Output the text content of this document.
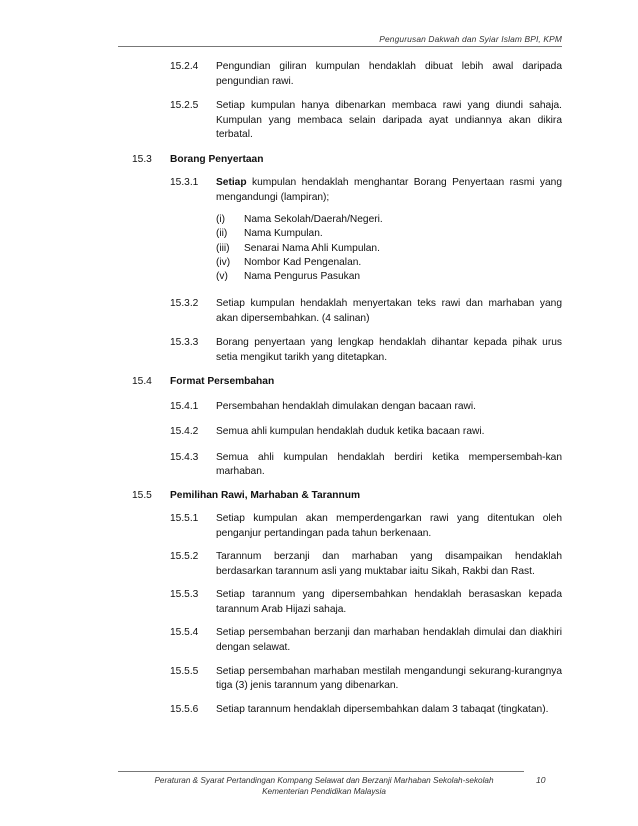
Pengurusan Dakwah dan Syiar Islam BPI, KPM
15.2.4 Pengundian giliran kumpulan hendaklah dibuat lebih awal daripada pengundian rawi.
15.2.5 Setiap kumpulan hanya dibenarkan membaca rawi yang diundi sahaja. Kumpulan yang membaca selain daripada ayat undiannya akan dikira terbatal.
15.3 Borang Penyertaan
15.3.1 Setiap kumpulan hendaklah menghantar Borang Penyertaan rasmi yang mengandungi (lampiran);
(i) Nama Sekolah/Daerah/Negeri.
(ii) Nama Kumpulan.
(iii) Senarai Nama Ahli Kumpulan.
(iv) Nombor Kad Pengenalan.
(v) Nama Pengurus Pasukan
15.3.2 Setiap kumpulan hendaklah menyertakan teks rawi dan marhaban yang akan dipersembahkan. (4 salinan)
15.3.3 Borang penyertaan yang lengkap hendaklah dihantar kepada pihak urus setia mengikut tarikh yang ditetapkan.
15.4 Format Persembahan
15.4.1 Persembahan hendaklah dimulakan dengan bacaan rawi.
15.4.2 Semua ahli kumpulan hendaklah duduk ketika bacaan rawi.
15.4.3 Semua ahli kumpulan hendaklah berdiri ketika mempersembah-kan marhaban.
15.5 Pemilihan Rawi, Marhaban & Tarannum
15.5.1 Setiap kumpulan akan memperdengarkan rawi yang ditentukan oleh penganjur pertandingan pada tahun berkenaan.
15.5.2 Tarannum berzanji dan marhaban yang disampaikan hendaklah berdasarkan tarannum asli yang muktabar iaitu Sikah, Rakbi dan Rast.
15.5.3 Setiap tarannum yang dipersembahkan hendaklah berasaskan kepada tarannum Arab Hijazi sahaja.
15.5.4 Setiap persembahan berzanji dan marhaban hendaklah dimulai dan diakhiri dengan selawat.
15.5.5 Setiap persembahan marhaban mestilah mengandungi sekurang-kurangnya tiga (3) jenis tarannum yang dibenarkan.
15.5.6 Setiap tarannum hendaklah dipersembahkan dalam 3 tabaqat (tingkatan).
Peraturan & Syarat Pertandingan Kompang Selawat dan Berzanji Marhaban Sekolah-sekolah
Kementerian Pendidikan Malaysia
10
